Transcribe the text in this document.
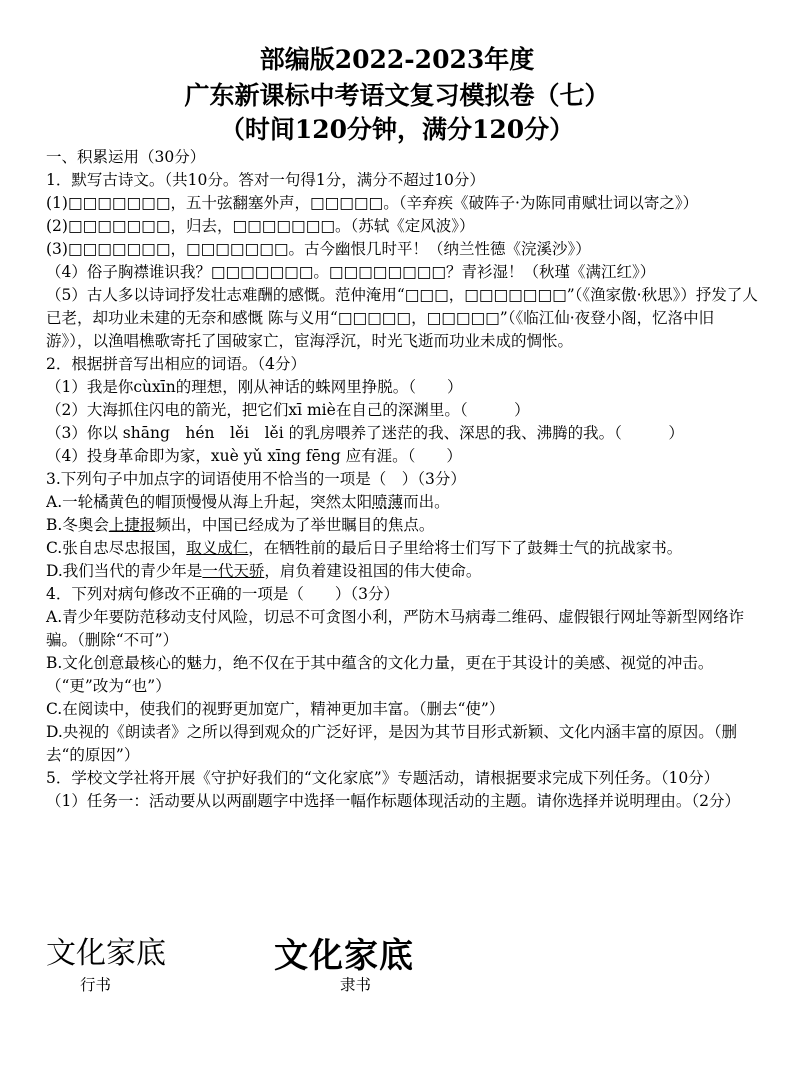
部编版2022-2023年度
广东新课标中考语文复习模拟卷（七）
（时间120分钟，满分120分）
一、积累运用（30分）
1．默写古诗文。（共10分。答对一句得1分，满分不超过10分）
(1)□□□□□□□，五十弦翻塞外声，□□□□□。（辛弃疾《破阵子·为陈同甫赋壮词以寄之》）
(2)□□□□□□□，归去，□□□□□□□。（苏轼《定风波》）
(3)□□□□□□□，□□□□□□□。古今幽恨几时平！（纳兰性德《浣溪沙》）
（4）俗子胸襟谁识我？□□□□□□□。□□□□□□□□？青衫湿！（秋瑾《满江红》）
（5）古人多以诗词抒发壮志难酬的感慨。范仲淹用“□□□，□□□□□□□”（《渔家傲·秋思》）抒发了人已老，却功业未建的无奈和感慨 陈与义用“□□□□□，□□□□□”（《临江仙·夜登小阁，忆洛中旧游》），以渔唱樵歌寄托了国破家亡，宦海浮沉，时光飞逝而功业未成的惆怅。
2．根据拼音写出相应的词语。（4分）
（1）我是你cùxīn的理想，刚从神话的蛛网里挣脱。（　　）
（2）大海抓住闪电的箭光，把它们xī miè在自己的深渊里。（　　　）
（3）你以 shāng　hén　lěi　lěi 的乳房喂养了迷茫的我、深思的我、沸腾的我。（　　　）
（4）投身革命即为家，xuè yǔ xīng fēng 应有涯。（　　）
3.下列句子中加点字的词语使用不恰当的一项是（　）（3分）
A.一轮橘黄色的帽顶慢慢从海上升起，突然太阳喷薄而出。
B.冬奥会上捷报频出，中国已经成为了举世瞩目的焦点。
C.张自忠尽忠报国，取义成仁，在牺牲前的最后日子里给将士们写下了鼓舞士气的抗战家书。
D.我们当代的青少年是一代天骄，肩负着建设祖国的伟大使命。
4．下列对病句修改不正确的一项是（　　）（3分）
A.青少年要防范移动支付风险，切忌不可贪图小利，严防木马病毒二维码、虚假银行网址等新型网络诈骗。（删除“不可”）
B.文化创意最核心的魅力，绝不仅在于其中蕴含的文化力量，更在于其设计的美感、视觉的冲击。（“更”改为“也”）
C.在阅读中，使我们的视野更加宽广，精神更加丰富。（删去“使”）
D.央视的《朗读者》之所以得到观众的广泛好评，是因为其节目形式新颖、文化内涵丰富的原因。（删去“的原因”）
5．学校文学社将开展《守护好我们的“文化家底”》专题活动，请根据要求完成下列任务。（10分）
（1）任务一：活动要从以两副题字中选择一幅作标题体现活动的主题。请你选择并说明理由。（2分）
文化家底	文化家底
行书	隶书
